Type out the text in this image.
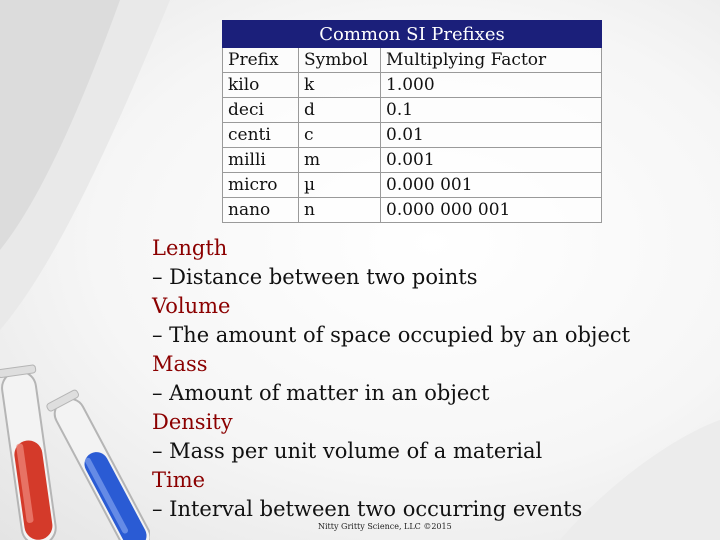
Common SI Prefixes		
Prefix	Symbol	Multiplying Factor
kilo	k	1.000
deci	d	0.1
centi	c	0.01
milli	m	0.001
micro	µ	0.000 001
nano	n	0.000 000 001
Length
– Distance between two points
Volume
– The amount of space occupied by an object
Mass
– Amount of matter in an object
Density
– Mass per unit volume of a material
Time
– Interval between two occurring events
Nitty Gritty Science, LLC ©2015
